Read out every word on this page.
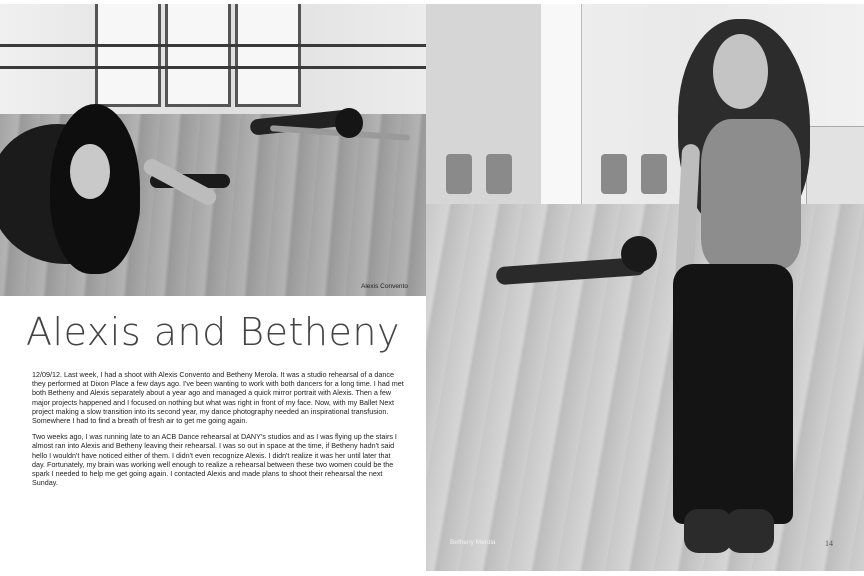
Alexis Convento
Alexis and Betheny

12/09/12. Last week, I had a shoot with Alexis Convento and Betheny Merola. It was a studio rehearsal of a dance they performed at Dixon Place a few days ago. I've been wanting to work with both dancers for a long time. I had met both Betheny and Alexis separately about a year ago and managed a quick mirror portrait with Alexis. Then a few major projects happened and I focused on nothing but what was right in front of my face. Now, with my Ballet Next project making a slow transition into its second year, my dance photography needed an inspirational transfusion. Somewhere I had to find a breath of fresh air to get me going again.

Two weeks ago, I was running late to an ACB Dance rehearsal at DANY's studios and as I was flying up the stairs I almost ran into Alexis and Betheny leaving their rehearsal. I was so out in space at the time, if Betheny hadn't said hello I wouldn't have noticed either of them. I didn't even recognize Alexis. I didn't realize it was her until later that day. Fortunately, my brain was working well enough to realize a rehearsal between these two women could be the spark I needed to help me get going again. I contacted Alexis and made plans to shoot their rehearsal the next Sunday.

Betheny Merola	14
